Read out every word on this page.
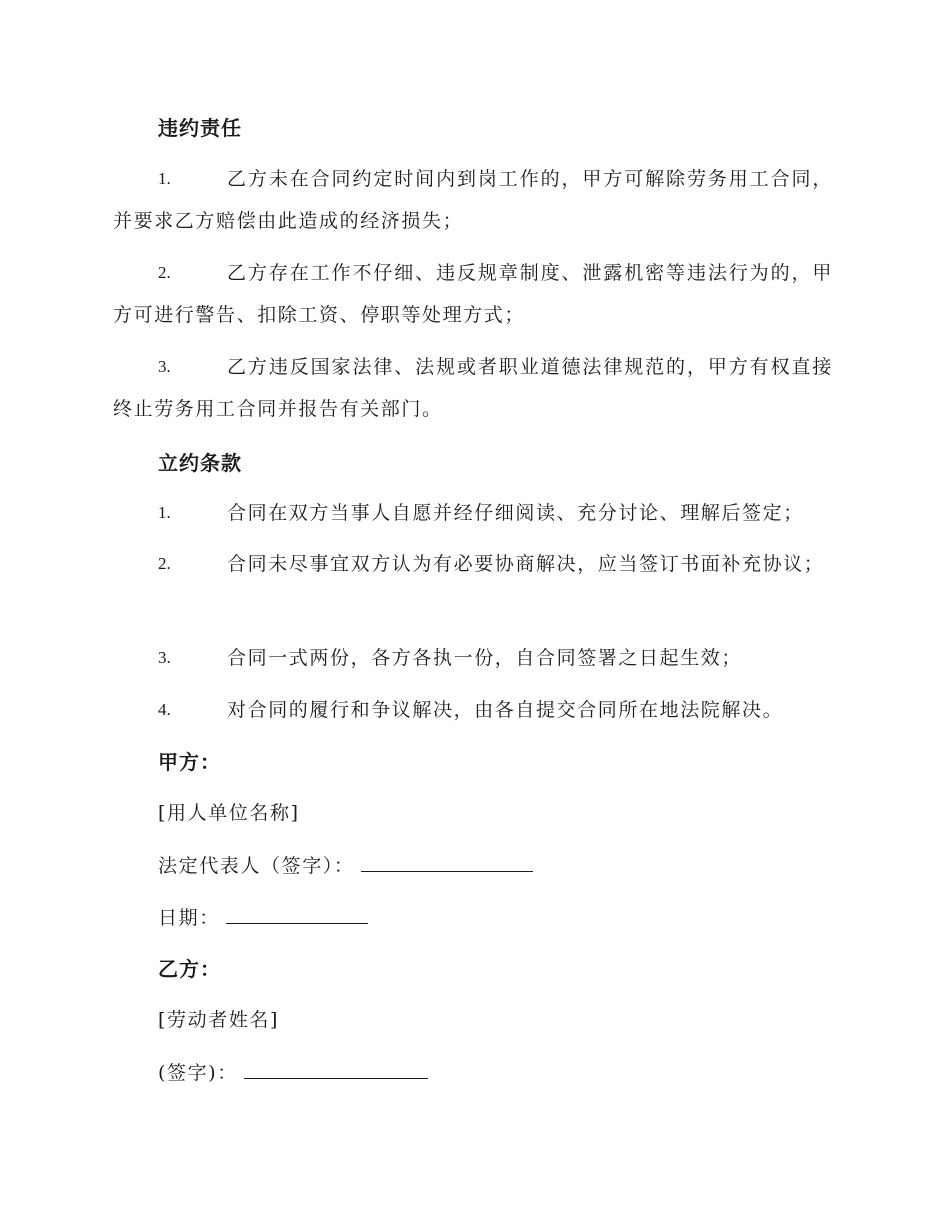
违约责任
1.	乙方未在合同约定时间内到岗工作的，甲方可解除劳务用工合同，并要求乙方赔偿由此造成的经济损失；
2.	乙方存在工作不仔细、违反规章制度、泄露机密等违法行为的，甲方可进行警告、扣除工资、停职等处理方式；
3.	乙方违反国家法律、法规或者职业道德法律规范的，甲方有权直接终止劳务用工合同并报告有关部门。
立约条款
1.	合同在双方当事人自愿并经仔细阅读、充分讨论、理解后签定；
2.	合同未尽事宜双方认为有必要协商解决，应当签订书面补充协议；
3.	合同一式两份，各方各执一份，自合同签署之日起生效；
4.	对合同的履行和争议解决，由各自提交合同所在地法院解决。
甲方：
[用人单位名称]
法定代表人（签字）：
日期：
乙方：
[劳动者姓名]
(签字)：
